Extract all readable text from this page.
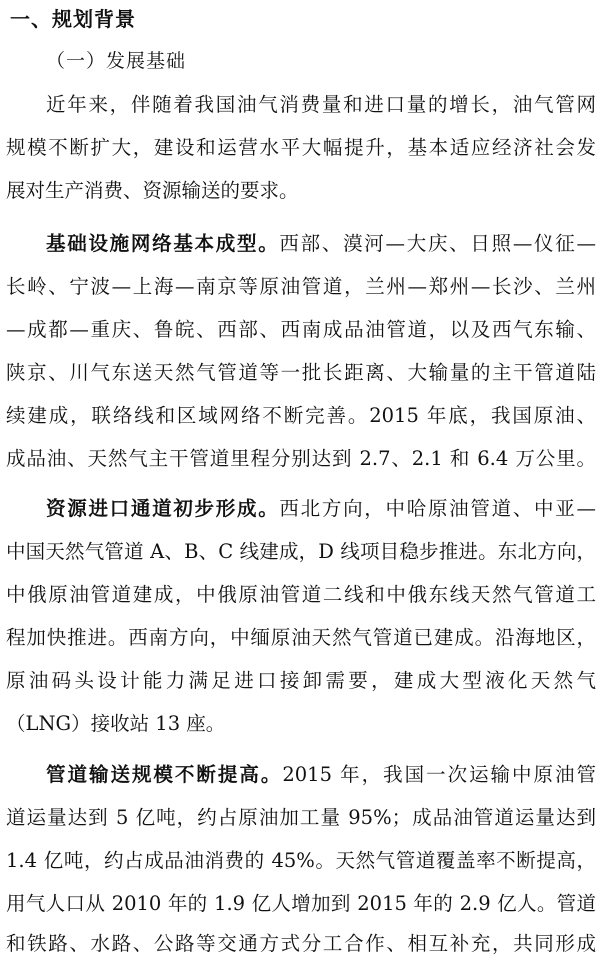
一、规划背景
（一）发展基础
近年来，伴随着我国油气消费量和进口量的增长，油气管网
规模不断扩大，建设和运营水平大幅提升，基本适应经济社会发
展对生产消费、资源输送的要求。
基础设施网络基本成型。西部、漠河—大庆、日照—仪征—
长岭、宁波—上海—南京等原油管道，兰州—郑州—长沙、兰州
—成都—重庆、鲁皖、西部、西南成品油管道，以及西气东输、
陕京、川气东送天然气管道等一批长距离、大输量的主干管道陆
续建成，联络线和区域网络不断完善。2015 年底，我国原油、
成品油、天然气主干管道里程分别达到 2.7、2.1 和 6.4 万公里。
资源进口通道初步形成。西北方向，中哈原油管道、中亚—
中国天然气管道 A、B、C 线建成，D 线项目稳步推进。东北方向，
中俄原油管道建成，中俄原油管道二线和中俄东线天然气管道工
程加快推进。西南方向，中缅原油天然气管道已建成。沿海地区，
原油码头设计能力满足进口接卸需要，建成大型液化天然气
（LNG）接收站 13 座。
管道输送规模不断提高。2015 年，我国一次运输中原油管
道运量达到 5 亿吨，约占原油加工量 95%；成品油管道运量达到
1.4 亿吨，约占成品油消费的 45%。天然气管道覆盖率不断提高，
用气人口从 2010 年的 1.9 亿人增加到 2015 年的 2.9 亿人。管道
和铁路、水路、公路等交通方式分工合作、相互补充，共同形成
